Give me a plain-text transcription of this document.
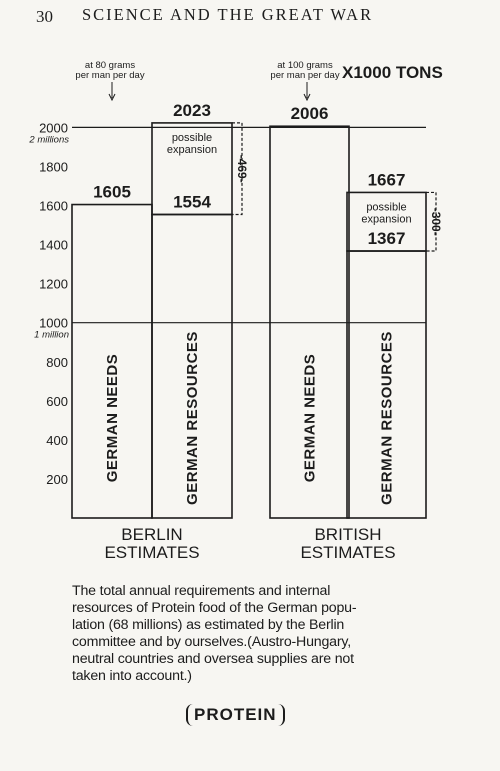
30 SCIENCE AND THE GREAT WAR
200
400
600
800
1000
1200
1400
1600
1800
2000
1 million
2 millions
X1000 TONS
at 80 grams
per man per day
1605
GERMAN NEEDS
2023
1554
possible
expansion
-469-
GERMAN RESOURCES
BERLIN
ESTIMATES
at 100 grams
per man per day
2006
GERMAN NEEDS
1667
1367
possible
expansion -300-
GERMAN RESOURCES
BRITISH
ESTIMATES

The total annual requirements and internal

resources of Protein food of the German popu-

lation (68 millions) as estimated by the Berlin

committee and by ourselves.(Austro-Hungary,

neutral countries and oversea supplies are not

taken into account.)

PROTEIN
